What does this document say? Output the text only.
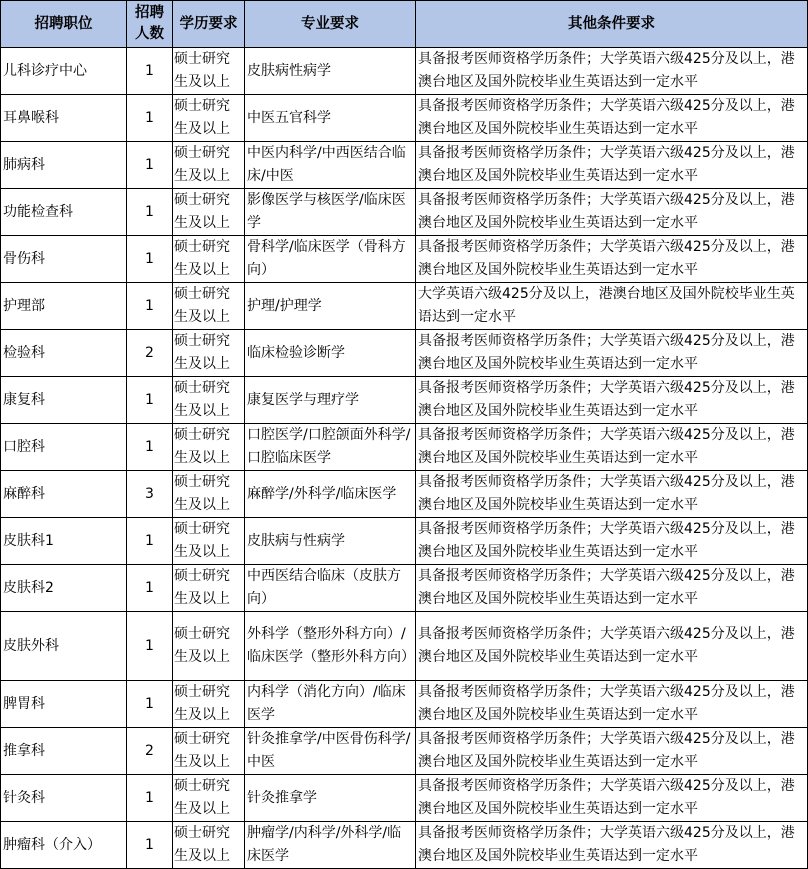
招聘职位	招聘人数	学历要求	专业要求	其他条件要求
儿科诊疗中心	1	硕士研究生及以上	皮肤病性病学	具备报考医师资格学历条件；大学英语六级425分及以上，港澳台地区及国外院校毕业生英语达到一定水平
耳鼻喉科	1	硕士研究生及以上	中医五官科学	具备报考医师资格学历条件；大学英语六级425分及以上，港澳台地区及国外院校毕业生英语达到一定水平
肺病科	1	硕士研究生及以上	中医内科学/中西医结合临床/中医	具备报考医师资格学历条件；大学英语六级425分及以上，港澳台地区及国外院校毕业生英语达到一定水平
功能检查科	1	硕士研究生及以上	影像医学与核医学/临床医学	具备报考医师资格学历条件；大学英语六级425分及以上，港澳台地区及国外院校毕业生英语达到一定水平
骨伤科	1	硕士研究生及以上	骨科学/临床医学（骨科方向）	具备报考医师资格学历条件；大学英语六级425分及以上，港澳台地区及国外院校毕业生英语达到一定水平
护理部	1	硕士研究生及以上	护理/护理学	大学英语六级425分及以上，港澳台地区及国外院校毕业生英语达到一定水平
检验科	2	硕士研究生及以上	临床检验诊断学	具备报考医师资格学历条件；大学英语六级425分及以上，港澳台地区及国外院校毕业生英语达到一定水平
康复科	1	硕士研究生及以上	康复医学与理疗学	具备报考医师资格学历条件；大学英语六级425分及以上，港澳台地区及国外院校毕业生英语达到一定水平
口腔科	1	硕士研究生及以上	口腔医学/口腔颌面外科学/口腔临床医学	具备报考医师资格学历条件；大学英语六级425分及以上，港澳台地区及国外院校毕业生英语达到一定水平
麻醉科	3	硕士研究生及以上	麻醉学/外科学/临床医学	具备报考医师资格学历条件；大学英语六级425分及以上，港澳台地区及国外院校毕业生英语达到一定水平
皮肤科1	1	硕士研究生及以上	皮肤病与性病学	具备报考医师资格学历条件；大学英语六级425分及以上，港澳台地区及国外院校毕业生英语达到一定水平
皮肤科2	1	硕士研究生及以上	中西医结合临床（皮肤方向）	具备报考医师资格学历条件；大学英语六级425分及以上，港澳台地区及国外院校毕业生英语达到一定水平
皮肤外科	1	硕士研究生及以上	外科学（整形外科方向）/临床医学（整形外科方向）	具备报考医师资格学历条件；大学英语六级425分及以上，港澳台地区及国外院校毕业生英语达到一定水平
脾胃科	1	硕士研究生及以上	内科学（消化方向）/临床医学	具备报考医师资格学历条件；大学英语六级425分及以上，港澳台地区及国外院校毕业生英语达到一定水平
推拿科	2	硕士研究生及以上	针灸推拿学/中医骨伤科学/中医	具备报考医师资格学历条件；大学英语六级425分及以上，港澳台地区及国外院校毕业生英语达到一定水平
针灸科	1	硕士研究生及以上	针灸推拿学	具备报考医师资格学历条件；大学英语六级425分及以上，港澳台地区及国外院校毕业生英语达到一定水平
肿瘤科（介入）	1	硕士研究生及以上	肿瘤学/内科学/外科学/临床医学	具备报考医师资格学历条件；大学英语六级425分及以上，港澳台地区及国外院校毕业生英语达到一定水平
